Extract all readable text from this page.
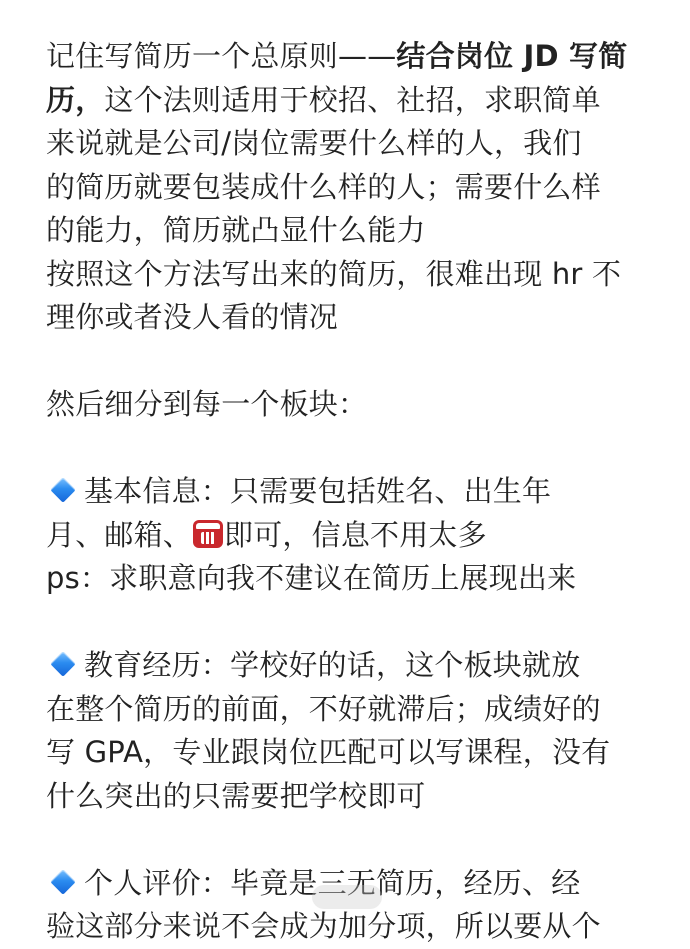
记住写简历一个总原则——结合岗位 JD 写简
历，这个法则适用于校招、社招，求职简单
来说就是公司/岗位需要什么样的人，我们
的简历就要包装成什么样的人；需要什么样
的能力，简历就凸显什么能力
按照这个方法写出来的简历，很难出现 hr 不
理你或者没人看的情况
然后细分到每一个板块：
基本信息：只需要包括姓名、出生年
月、邮箱、 即可，信息不用太多
ps：求职意向我不建议在简历上展现出来
教育经历：学校好的话，这个板块就放
在整个简历的前面，不好就滞后；成绩好的
写 GPA，专业跟岗位匹配可以写课程，没有
什么突出的只需要把学校即可
个人评价：毕竟是三无简历，经历、经
验这部分来说不会成为加分项，所以要从个
